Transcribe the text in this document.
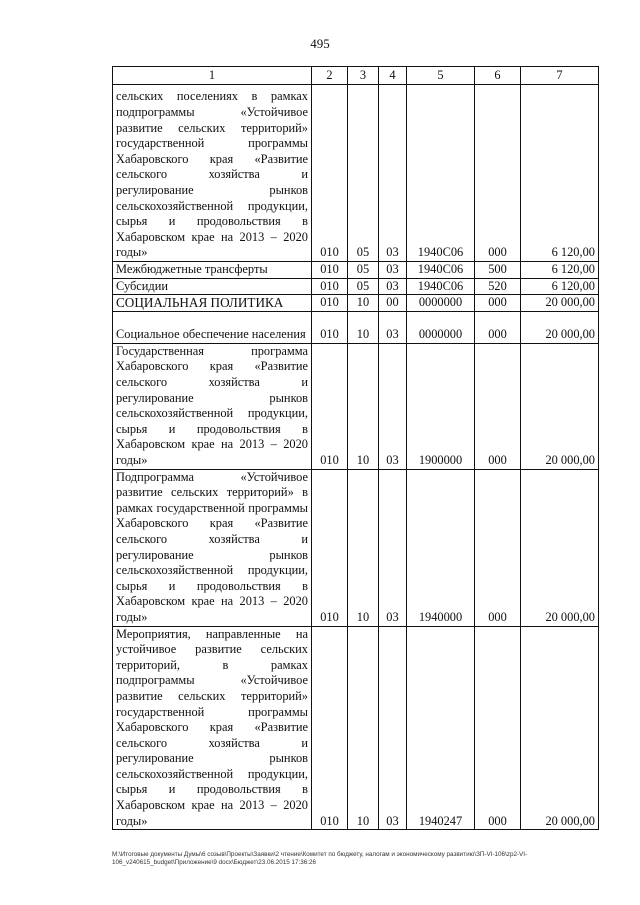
495
1	2	3	4	5	6	7
сельских поселениях в рамках подпрограммы «Устойчивое развитие сельских территорий» государственной программы Хабаровского края «Развитие сельского хозяйства и регулирование рынков сельскохозяйственной продукции, сырья и продовольствия в Хабаровском крае на 2013 – 2020 годы»	010	05	03	1940С06	000	6 120,00
Межбюджетные трансферты	010	05	03	1940С06	500	6 120,00
Субсидии	010	05	03	1940С06	520	6 120,00
СОЦИАЛЬНАЯ ПОЛИТИКА	010	10	00	0000000	000	20 000,00
Социальное обеспечение населения	010	10	03	0000000	000	20 000,00
Государственная программа Хабаровского края «Развитие сельского хозяйства и регулирование рынков сельскохозяйственной продукции, сырья и продовольствия в Хабаровском крае на 2013 – 2020 годы»	010	10	03	1900000	000	20 000,00
Подпрограмма «Устойчивое развитие сельских территорий» в рамках государственной программы Хабаровского края «Развитие сельского хозяйства и регулирование рынков сельскохозяйственной продукции, сырья и продовольствия в Хабаровском крае на 2013 – 2020 годы»	010	10	03	1940000	000	20 000,00
Мероприятия, направленные на устойчивое развитие сельских территорий, в рамках подпрограммы «Устойчивое развитие сельских территорий» государственной программы Хабаровского края «Развитие сельского хозяйства и регулирование рынков сельскохозяйственной продукции, сырья и продовольствия в Хабаровском крае на 2013 – 2020 годы»	010	10	03	1940247	000	20 000,00
M:\Итоговые документы Думы\6 созыв\Проекты\Заявки\2 чтение\Комитет по бюджету, налогам и экономическому развитию\ЗП-VI-106\zp2-VI-
106_v240615_budget\Приложение\9 docx\Бюджет\23.06.2015 17:36:26
